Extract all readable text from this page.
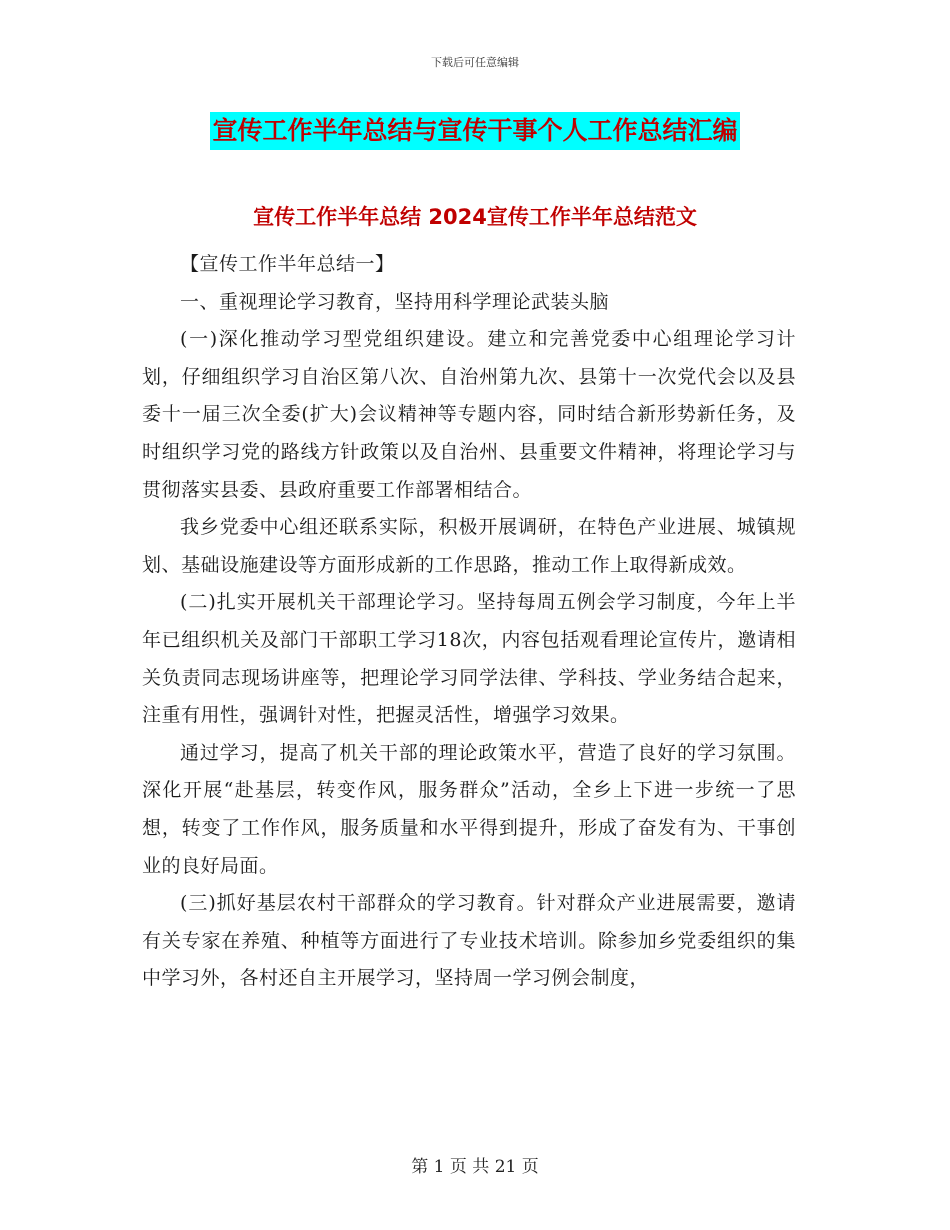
下载后可任意编辑
宣传工作半年总结与宣传干事个人工作总结汇编
宣传工作半年总结 2024宣传工作半年总结范文

【宣传工作半年总结一】

一、重视理论学习教育，坚持用科学理论武装头脑

(一)深化推动学习型党组织建设。建立和完善党委中心组理论学习计划，仔细组织学习自治区第八次、自治州第九次、县第十一次党代会以及县委十一届三次全委(扩大)会议精神等专题内容，同时结合新形势新任务，及时组织学习党的路线方针政策以及自治州、县重要文件精神，将理论学习与贯彻落实县委、县政府重要工作部署相结合。

我乡党委中心组还联系实际，积极开展调研，在特色产业进展、城镇规划、基础设施建设等方面形成新的工作思路，推动工作上取得新成效。

(二)扎实开展机关干部理论学习。坚持每周五例会学习制度，今年上半年已组织机关及部门干部职工学习18次，内容包括观看理论宣传片，邀请相关负责同志现场讲座等，把理论学习同学法律、学科技、学业务结合起来，注重有用性，强调针对性，把握灵活性，增强学习效果。

通过学习，提高了机关干部的理论政策水平，营造了良好的学习氛围。深化开展“赴基层，转变作风，服务群众”活动，全乡上下进一步统一了思想，转变了工作作风，服务质量和水平得到提升，形成了奋发有为、干事创业的良好局面。

(三)抓好基层农村干部群众的学习教育。针对群众产业进展需要，邀请有关专家在养殖、种植等方面进行了专业技术培训。除参加乡党委组织的集中学习外，各村还自主开展学习，坚持周一学习例会制度，

第 1 页 共 21 页
